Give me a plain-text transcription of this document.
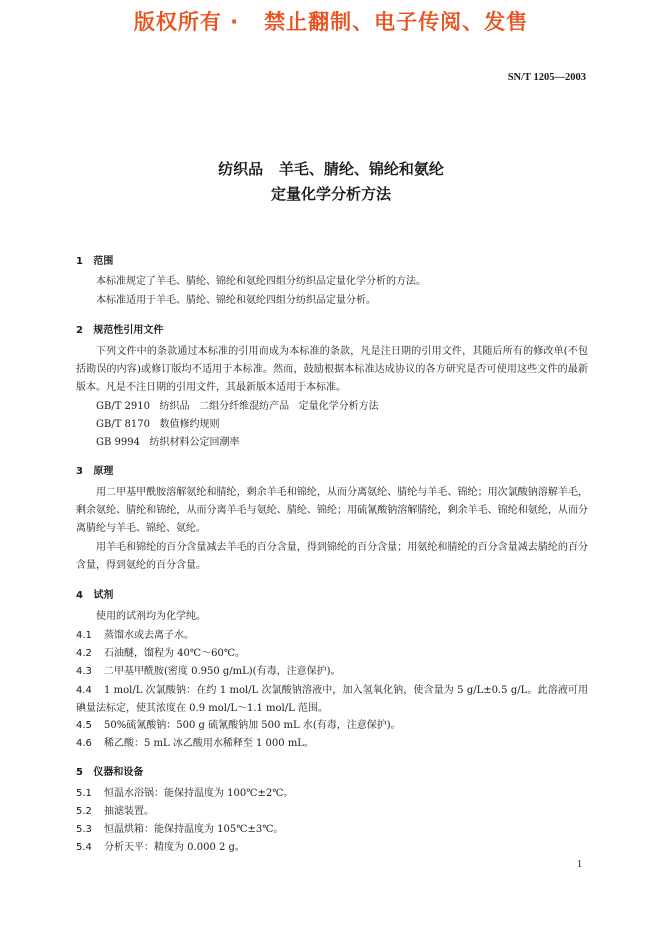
版权所有 ·   禁止翻制、电子传阅、发售
SN/T 1205—2003
纺织品   羊毛、腈纶、锦纶和氨纶
定量化学分析方法
1   范围
本标准规定了羊毛、腈纶、锦纶和氨纶四组分纺织品定量化学分析的方法。
本标准适用于羊毛、腈纶、锦纶和氨纶四组分纺织品定量分析。
2   规范性引用文件
下列文件中的条款通过本标准的引用而成为本标准的条款，凡是注日期的引用文件，其随后所有的修改单(不包括勘误的内容)或修订版均不适用于本标准。然而，鼓励根据本标准达成协议的各方研究是否可使用这些文件的最新版本。凡是不注日期的引用文件，其最新版本适用于本标准。
GB/T 2910   纺织品   二组分纤维混纺产品   定量化学分析方法
GB/T 8170   数值修约规则
GB 9994   纺织材料公定回潮率
3   原理
用二甲基甲酰胺溶解氨纶和腈纶，剩余羊毛和锦纶，从而分离氨纶、腈纶与羊毛、锦纶；用次氯酸钠溶解羊毛，剩余氨纶、腈纶和锦纶，从而分离羊毛与氨纶、腈纶、锦纶；用硫氰酸钠溶解腈纶，剩余羊毛、锦纶和氨纶，从而分离腈纶与羊毛、锦纶、氨纶。
用羊毛和锦纶的百分含量减去羊毛的百分含量，得到锦纶的百分含量；用氨纶和腈纶的百分含量减去腈纶的百分含量，得到氨纶的百分含量。
4   试剂
使用的试剂均为化学纯。
4.1 蒸馏水或去离子水。
4.2 石油醚，馏程为 40℃～60℃。
4.3 二甲基甲酰胺(密度 0.950 g/mL)(有毒，注意保护)。
4.4	1 mol/L 次氯酸钠：在约 1 mol/L 次氯酸钠溶液中，加入氢氧化钠，使含量为 5 g/L±0.5 g/L。此溶液可用碘量法标定，使其浓度在 0.9 mol/L～1.1 mol/L 范围。
4.5 50%硫氰酸钠：500 g 硫氰酸钠加 500 mL 水(有毒，注意保护)。
4.6 稀乙酸：5 mL 冰乙酸用水稀释至 1 000 mL。
5   仪器和设备
5.1 恒温水浴锅：能保持温度为 100℃±2℃。
5.2 抽滤装置。
5.3 恒温烘箱：能保持温度为 105℃±3℃。
5.4 分析天平：精度为 0.000 2 g。
1
